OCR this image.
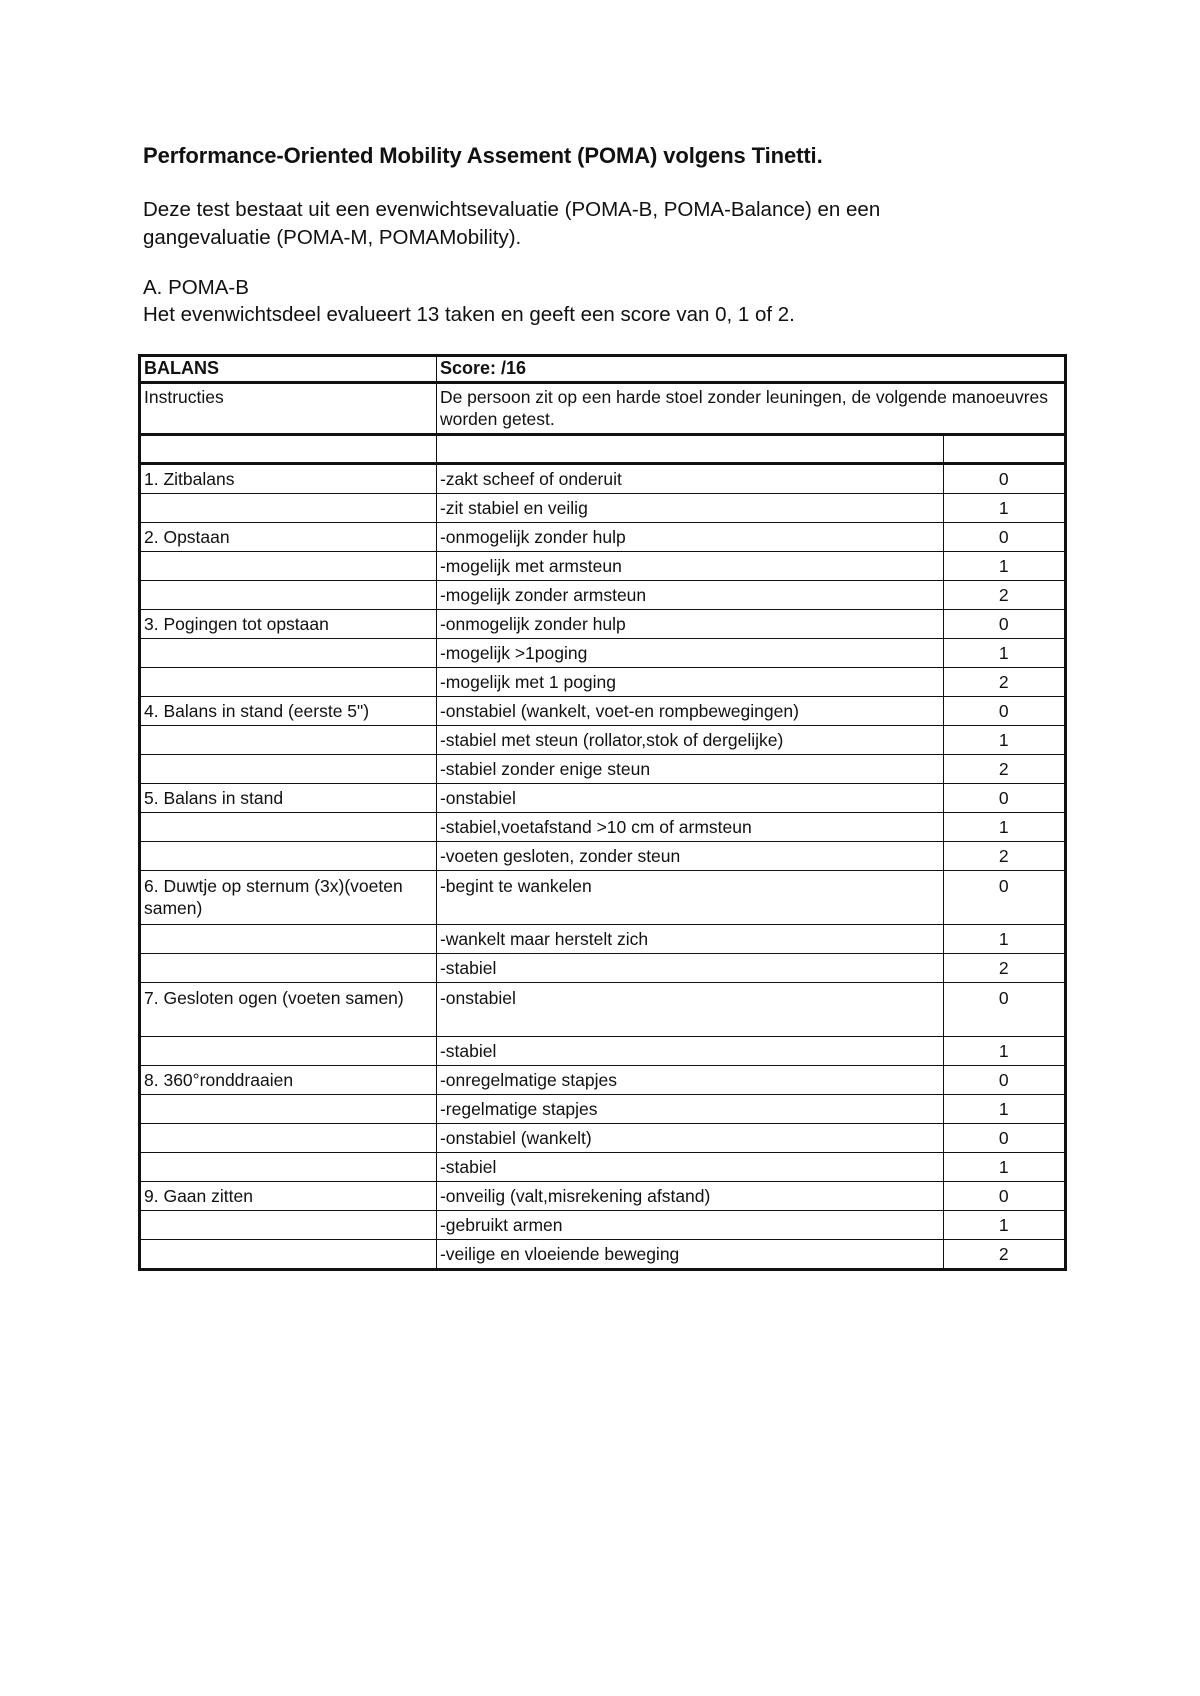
Performance-Oriented Mobility Assement (POMA) volgens Tinetti.
Deze test bestaat uit een evenwichtsevaluatie (POMA-B, POMA-Balance) en een
gangevaluatie (POMA-M, POMAMobility).
A. POMA-B
Het evenwichtsdeel evalueert 13 taken en geeft een score van 0, 1 of 2.
BALANS	Score: /16	
Instructies	De persoon zit op een harde stoel zonder leuningen, de volgende manoeuvres worden getest.	

1. Zitbalans	-zakt scheef of onderuit	0
	-zit stabiel en veilig	1
2. Opstaan	-onmogelijk zonder hulp	0
	-mogelijk met armsteun	1
	-mogelijk zonder armsteun	2
3. Pogingen tot opstaan	-onmogelijk zonder hulp	0
	-mogelijk >1poging	1
	-mogelijk met 1 poging	2
4. Balans in stand (eerste 5")	-onstabiel (wankelt, voet-en rompbewegingen)	0
	-stabiel met steun (rollator,stok of dergelijke)	1
	-stabiel zonder enige steun	2
5. Balans in stand	-onstabiel	0
	-stabiel,voetafstand >10 cm of armsteun	1
	-voeten gesloten, zonder steun	2
6. Duwtje op sternum (3x)(voeten samen)	-begint te wankelen	0
	-wankelt maar herstelt zich	1
	-stabiel	2
7. Gesloten ogen (voeten samen)	-onstabiel	0
	-stabiel	1
8. 360°ronddraaien	-onregelmatige stapjes	0
	-regelmatige stapjes	1
	-onstabiel (wankelt)	0
	-stabiel	1
9. Gaan zitten	-onveilig (valt,misrekening afstand)	0
	-gebruikt armen	1
	-veilige en vloeiende beweging	2
